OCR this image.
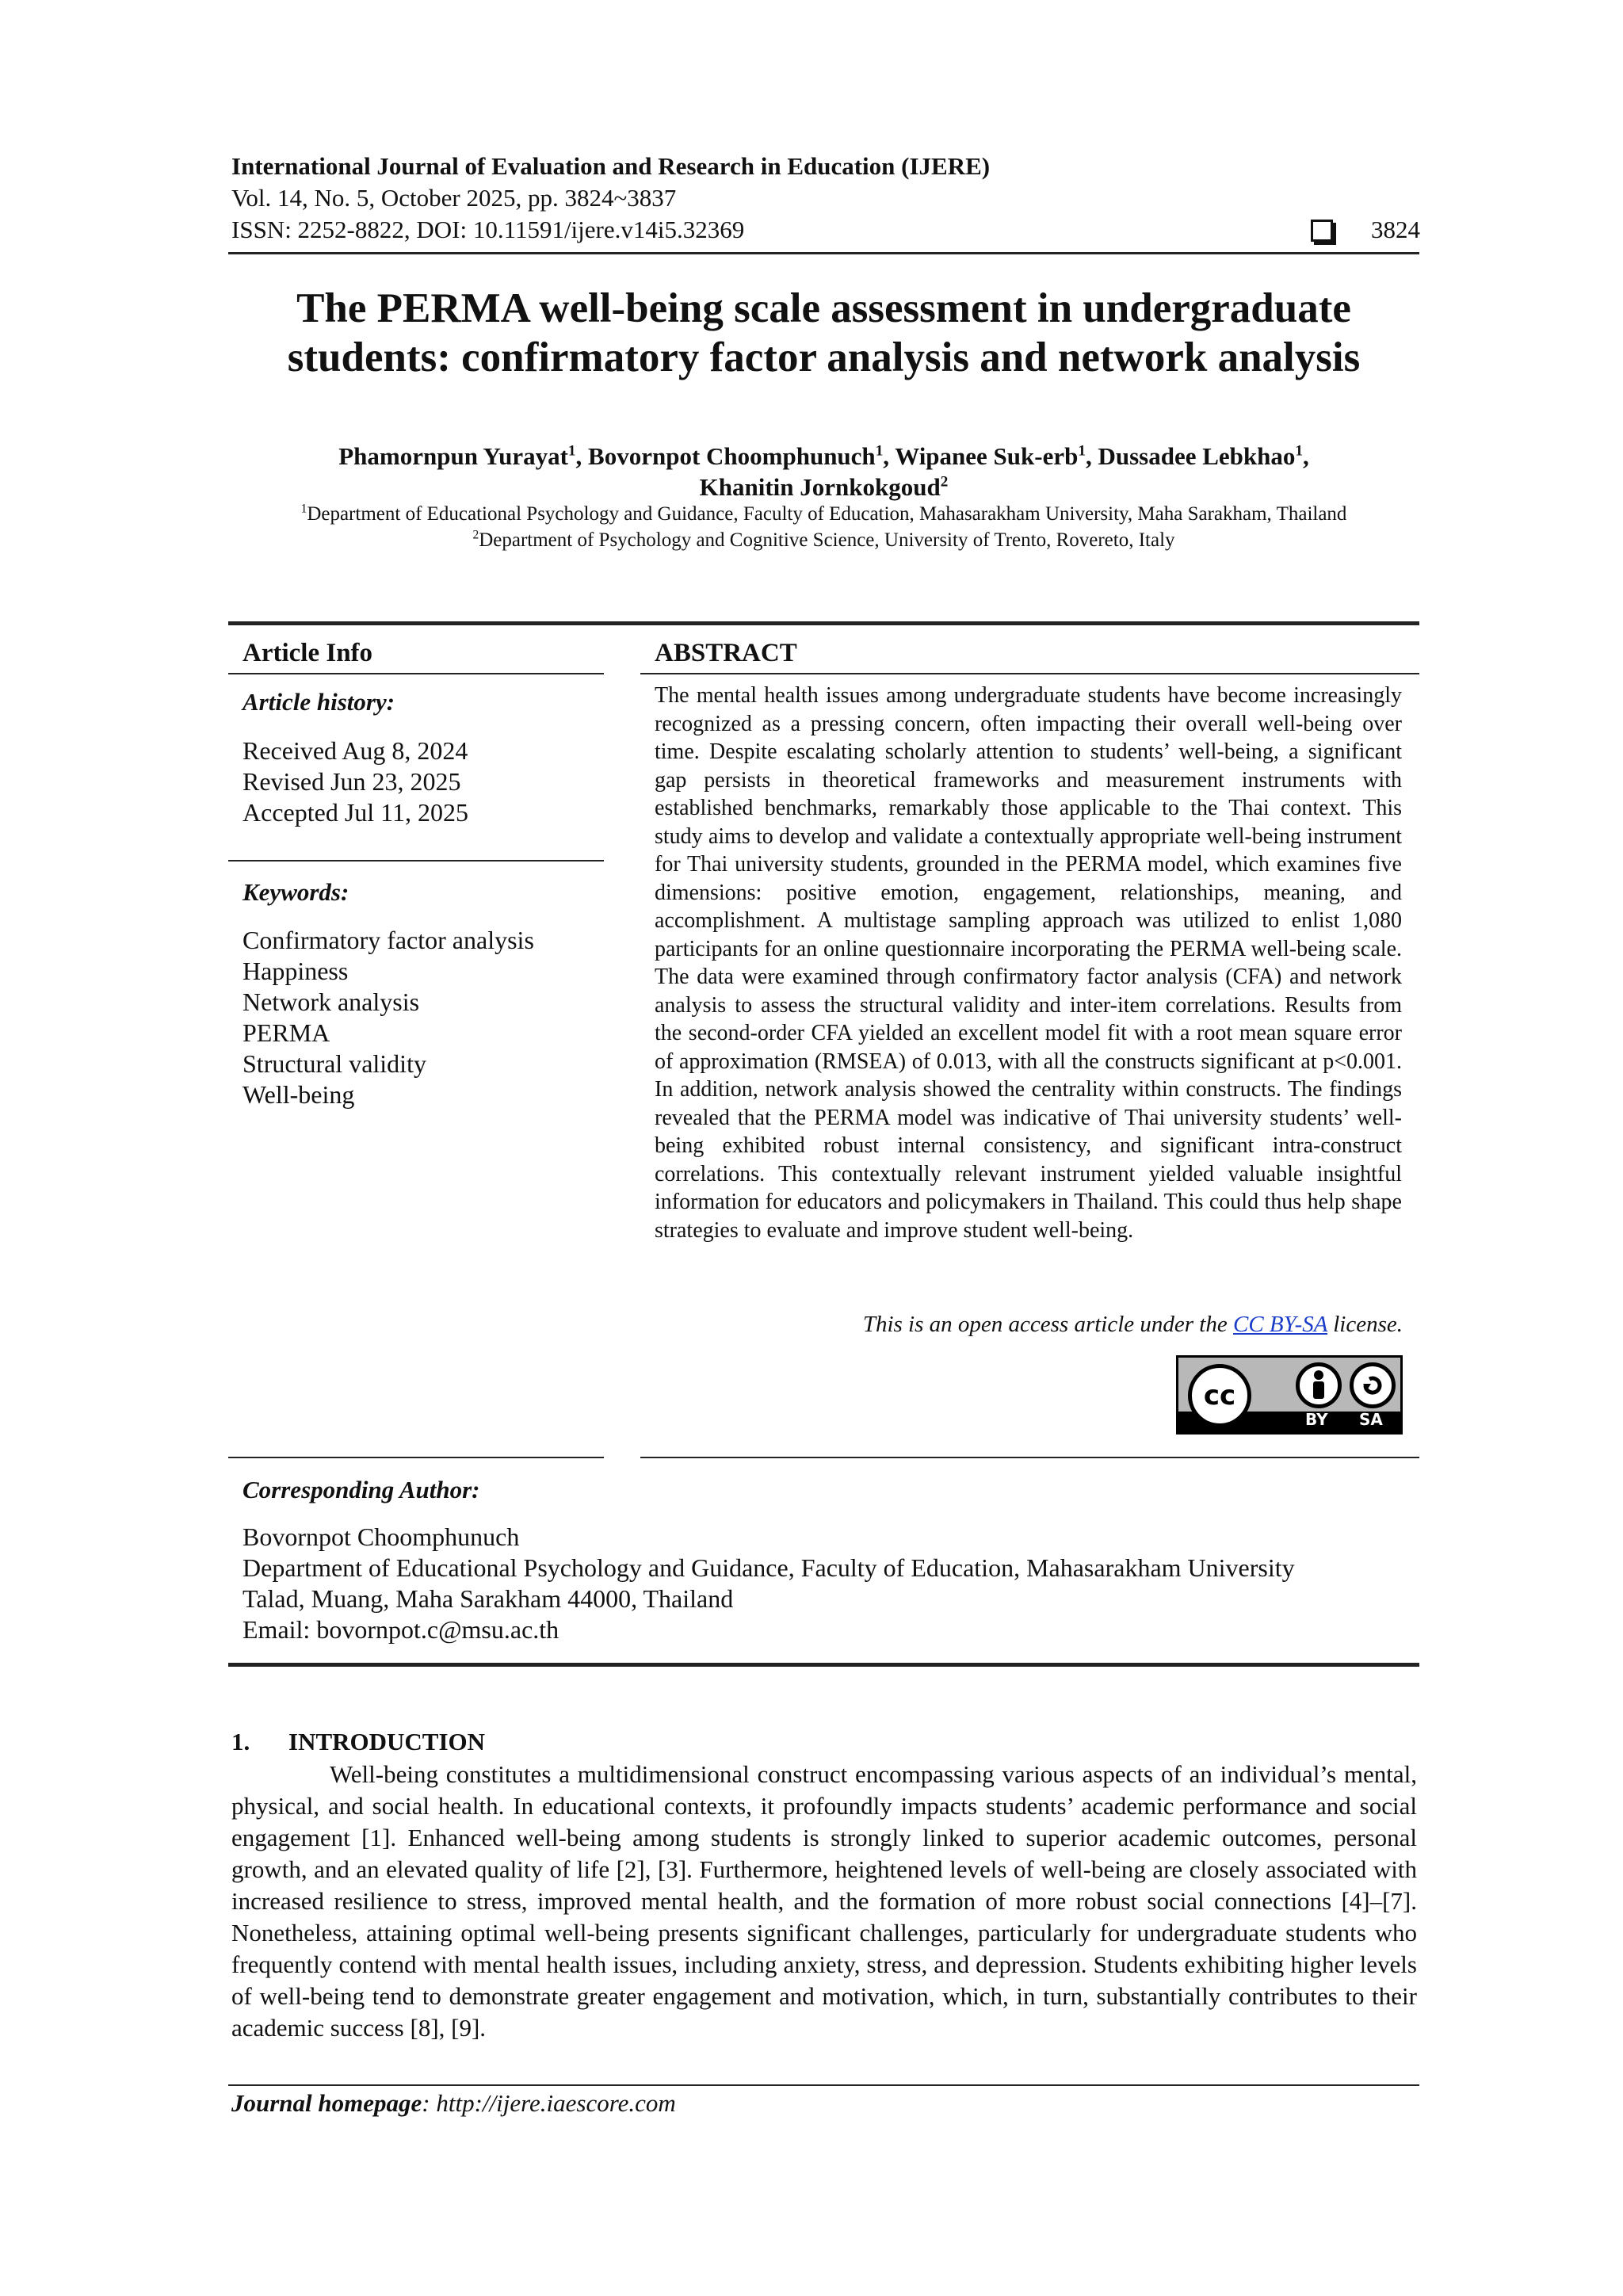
International Journal of Evaluation and Research in Education (IJERE)
Vol. 14, No. 5, October 2025, pp. 3824~3837
ISSN: 2252-8822, DOI: 10.11591/ijere.v14i5.32369	3824
The PERMA well-being scale assessment in undergraduate
students: confirmatory factor analysis and network analysis
Phamornpun Yurayat$^1$, Bovornpot Choomphunuch$^1$, Wipanee Suk-erb$^1$, Dussadee Lebkhao$^1$,
Khanitin Jornkokgoud$^2$
$^1$Department of Educational Psychology and Guidance, Faculty of Education, Mahasarakham University, Maha Sarakham, Thailand
$^2$Department of Psychology and Cognitive Science, University of Trento, Rovereto, Italy
Article Info
Article history:
Received Aug 8, 2024
Revised Jun 23, 2025
Accepted Jul 11, 2025
Keywords:
Confirmatory factor analysis
Happiness
Network analysis
PERMA
Structural validity
Well-being
ABSTRACT
The mental health issues among undergraduate students have become increasingly recognized as a pressing concern, often impacting their overall well-being over time. Despite escalating scholarly attention to students’ well-being, a significant gap persists in theoretical frameworks and measurement instruments with established benchmarks, remarkably those applicable to the Thai context. This study aims to develop and validate a contextually appropriate well-being instrument for Thai university students, grounded in the PERMA model, which examines five dimensions: positive emotion, engagement, relationships, meaning, and accomplishment. A multistage sampling approach was utilized to enlist 1,080 participants for an online questionnaire incorporating the PERMA well-being scale. The data were examined through confirmatory factor analysis (CFA) and network analysis to assess the structural validity and inter-item correlations. Results from the second-order CFA yielded an excellent model fit with a root mean square error of approximation (RMSEA) of 0.013, with all the constructs significant at p<0.001. In addition, network analysis showed the centrality within constructs. The findings revealed that the PERMA model was indicative of Thai university students’ well-being exhibited robust internal consistency, and significant intra-construct correlations. This contextually relevant instrument yielded valuable insightful information for educators and policymakers in Thailand. This could thus help shape strategies to evaluate and improve student well-being.
This is an open access article under the CC BY-SA license.
cc
BY SA
Corresponding Author:
Bovornpot Choomphunuch
Department of Educational Psychology and Guidance, Faculty of Education, Mahasarakham University
Talad, Muang, Maha Sarakham 44000, Thailand
Email: bovornpot.c@msu.ac.th
1. INTRODUCTION
Well-being constitutes a multidimensional construct encompassing various aspects of an individual’s mental, physical, and social health. In educational contexts, it profoundly impacts students’ academic performance and social engagement [1]. Enhanced well-being among students is strongly linked to superior academic outcomes, personal growth, and an elevated quality of life [2], [3]. Furthermore, heightened levels of well-being are closely associated with increased resilience to stress, improved mental health, and the formation of more robust social connections [4]–[7]. Nonetheless, attaining optimal well-being presents significant challenges, particularly for undergraduate students who frequently contend with mental health issues, including anxiety, stress, and depression. Students exhibiting higher levels of well-being tend to demonstrate greater engagement and motivation, which, in turn, substantially contributes to their academic success [8], [9].
Journal homepage: http://ijere.iaescore.com
